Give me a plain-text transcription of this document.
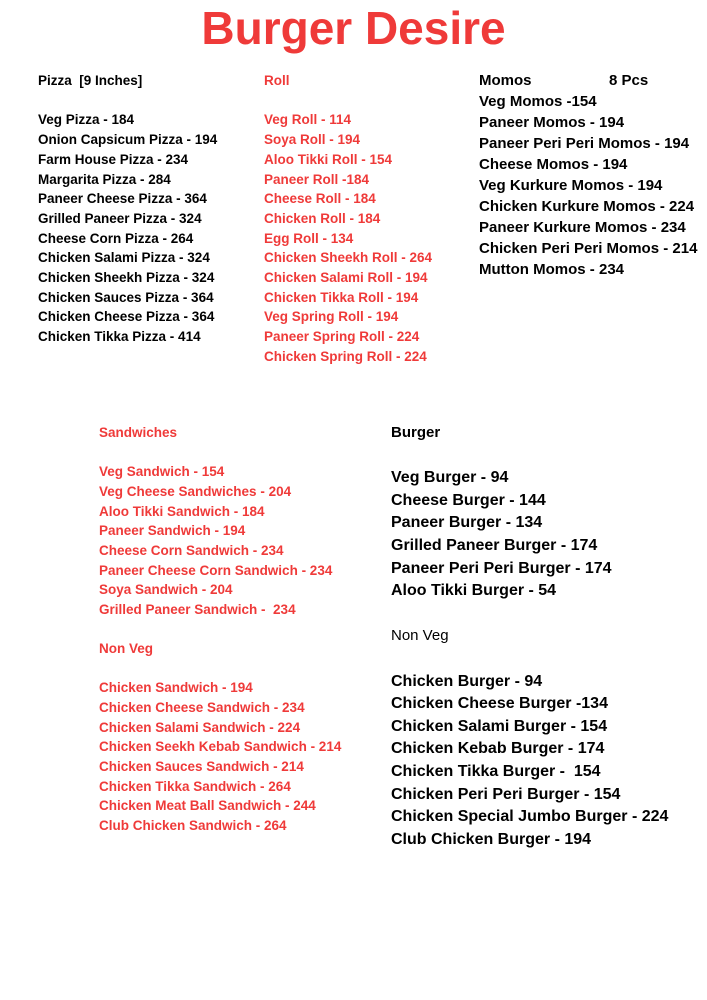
Burger Desire
Pizza  [9 Inches]
Veg Pizza - 184
Onion Capsicum Pizza - 194
Farm House Pizza - 234
Margarita Pizza - 284
Paneer Cheese Pizza - 364
Grilled Paneer Pizza - 324
Cheese Corn Pizza - 264
Chicken Salami Pizza - 324
Chicken Sheekh Pizza - 324
Chicken Sauces Pizza - 364
Chicken Cheese Pizza - 364
Chicken Tikka Pizza - 414
Roll
Veg Roll - 114
Soya Roll - 194
Aloo Tikki Roll - 154
Paneer Roll -184
Cheese Roll - 184
Chicken Roll - 184
Egg Roll - 134
Chicken Sheekh Roll - 264
Chicken Salami Roll - 194
Chicken Tikka Roll - 194
Veg Spring Roll - 194
Paneer Spring Roll - 224
Chicken Spring Roll - 224
Momos	8 Pcs
Veg Momos -154
Paneer Momos - 194
Paneer Peri Peri Momos - 194
Cheese Momos - 194
Veg Kurkure Momos - 194
Chicken Kurkure Momos - 224
Paneer Kurkure Momos - 234
Chicken Peri Peri Momos - 214
Mutton Momos - 234
Sandwiches
Veg Sandwich - 154
Veg Cheese Sandwiches - 204
Aloo Tikki Sandwich - 184
Paneer Sandwich - 194
Cheese Corn Sandwich - 234
Paneer Cheese Corn Sandwich - 234
Soya Sandwich - 204
Grilled Paneer Sandwich -  234
Non Veg
Chicken Sandwich - 194
Chicken Cheese Sandwich - 234
Chicken Salami Sandwich - 224
Chicken Seekh Kebab Sandwich - 214
Chicken Sauces Sandwich - 214
Chicken Tikka Sandwich - 264
Chicken Meat Ball Sandwich - 244
Club Chicken Sandwich - 264
Burger
Veg Burger - 94
Cheese Burger - 144
Paneer Burger - 134
Grilled Paneer Burger - 174
Paneer Peri Peri Burger - 174
Aloo Tikki Burger - 54
Non Veg
Chicken Burger - 94
Chicken Cheese Burger -134
Chicken Salami Burger - 154
Chicken Kebab Burger - 174
Chicken Tikka Burger -  154
Chicken Peri Peri Burger - 154
Chicken Special Jumbo Burger - 224
Club Chicken Burger - 194
